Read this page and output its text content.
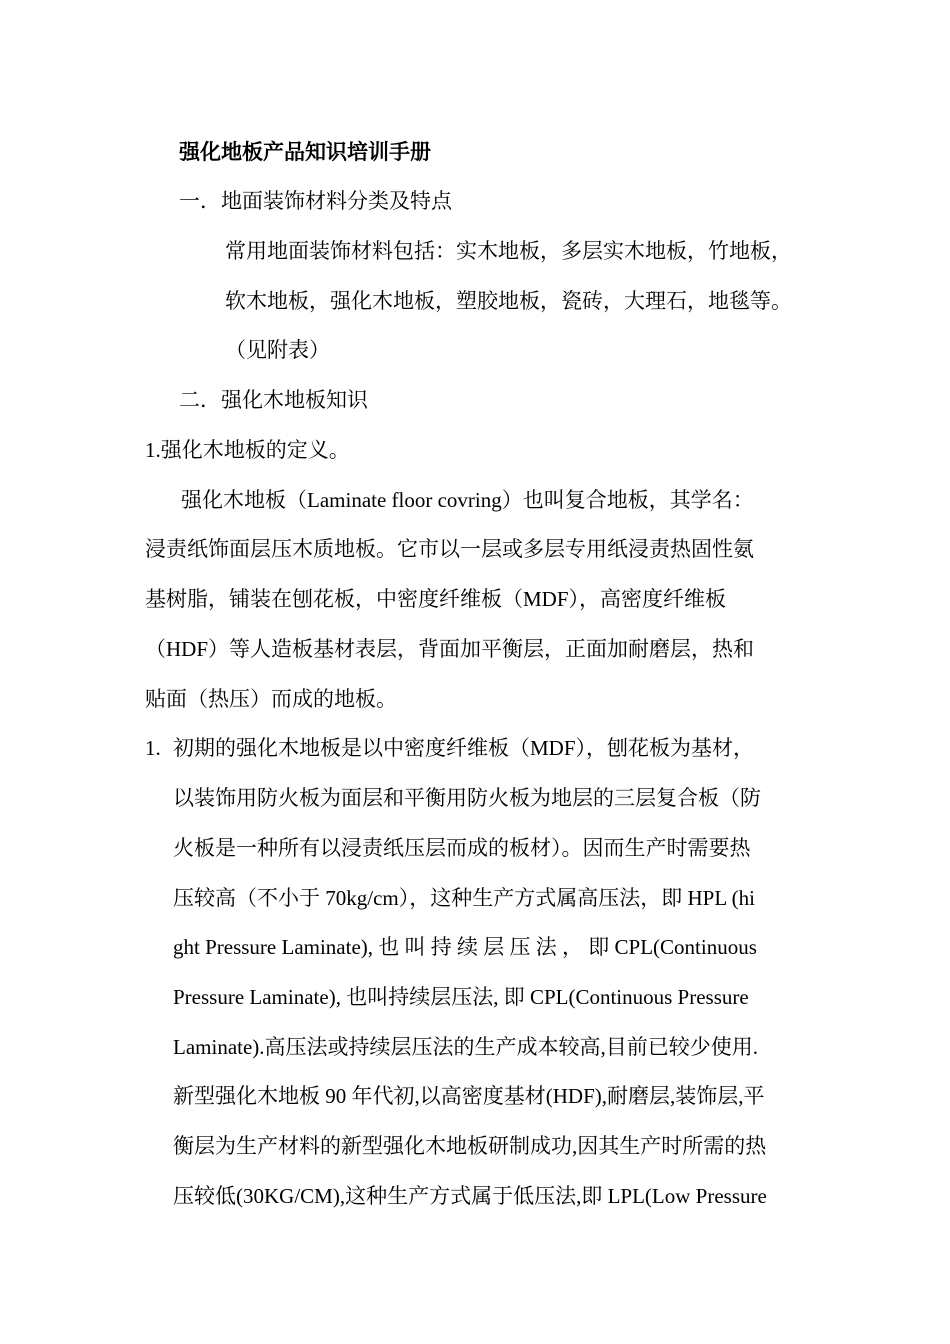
强化地板产品知识培训手册
一．地面装饰材料分类及特点
常用地面装饰材料包括：实木地板，多层实木地板，竹地板，
软木地板，强化木地板，塑胶地板，瓷砖，大理石，地毯等。
（见附表）
二．强化木地板知识
1.强化木地板的定义。
强化木地板（Laminate floor covring）也叫复合地板，其学名：
浸责纸饰面层压木质地板。它市以一层或多层专用纸浸责热固性氨
基树脂，铺装在刨花板，中密度纤维板（MDF），高密度纤维板
（HDF）等人造板基材表层，背面加平衡层，正面加耐磨层，热和
贴面（热压）而成的地板。
1. 初期的强化木地板是以中密度纤维板（MDF），刨花板为基材，
以装饰用防火板为面层和平衡用防火板为地层的三层复合板（防
火板是一种所有以浸责纸压层而成的板材）。因而生产时需要热
压较高（不小于 70kg/cm），这种生产方式属高压法，即 HPL (hi
ght Pressure Laminate), 也 叫 持 续 层 压 法 ， 即 CPL(Continuous
Pressure Laminate), 也叫持续层压法, 即 CPL(Continuous Pressure
Laminate).高压法或持续层压法的生产成本较高,目前已较少使用.
新型强化木地板 90 年代初,以高密度基材(HDF),耐磨层,装饰层,平
衡层为生产材料的新型强化木地板研制成功,因其生产时所需的热
压较低(30KG/CM),这种生产方式属于低压法,即 LPL(Low Pressure
